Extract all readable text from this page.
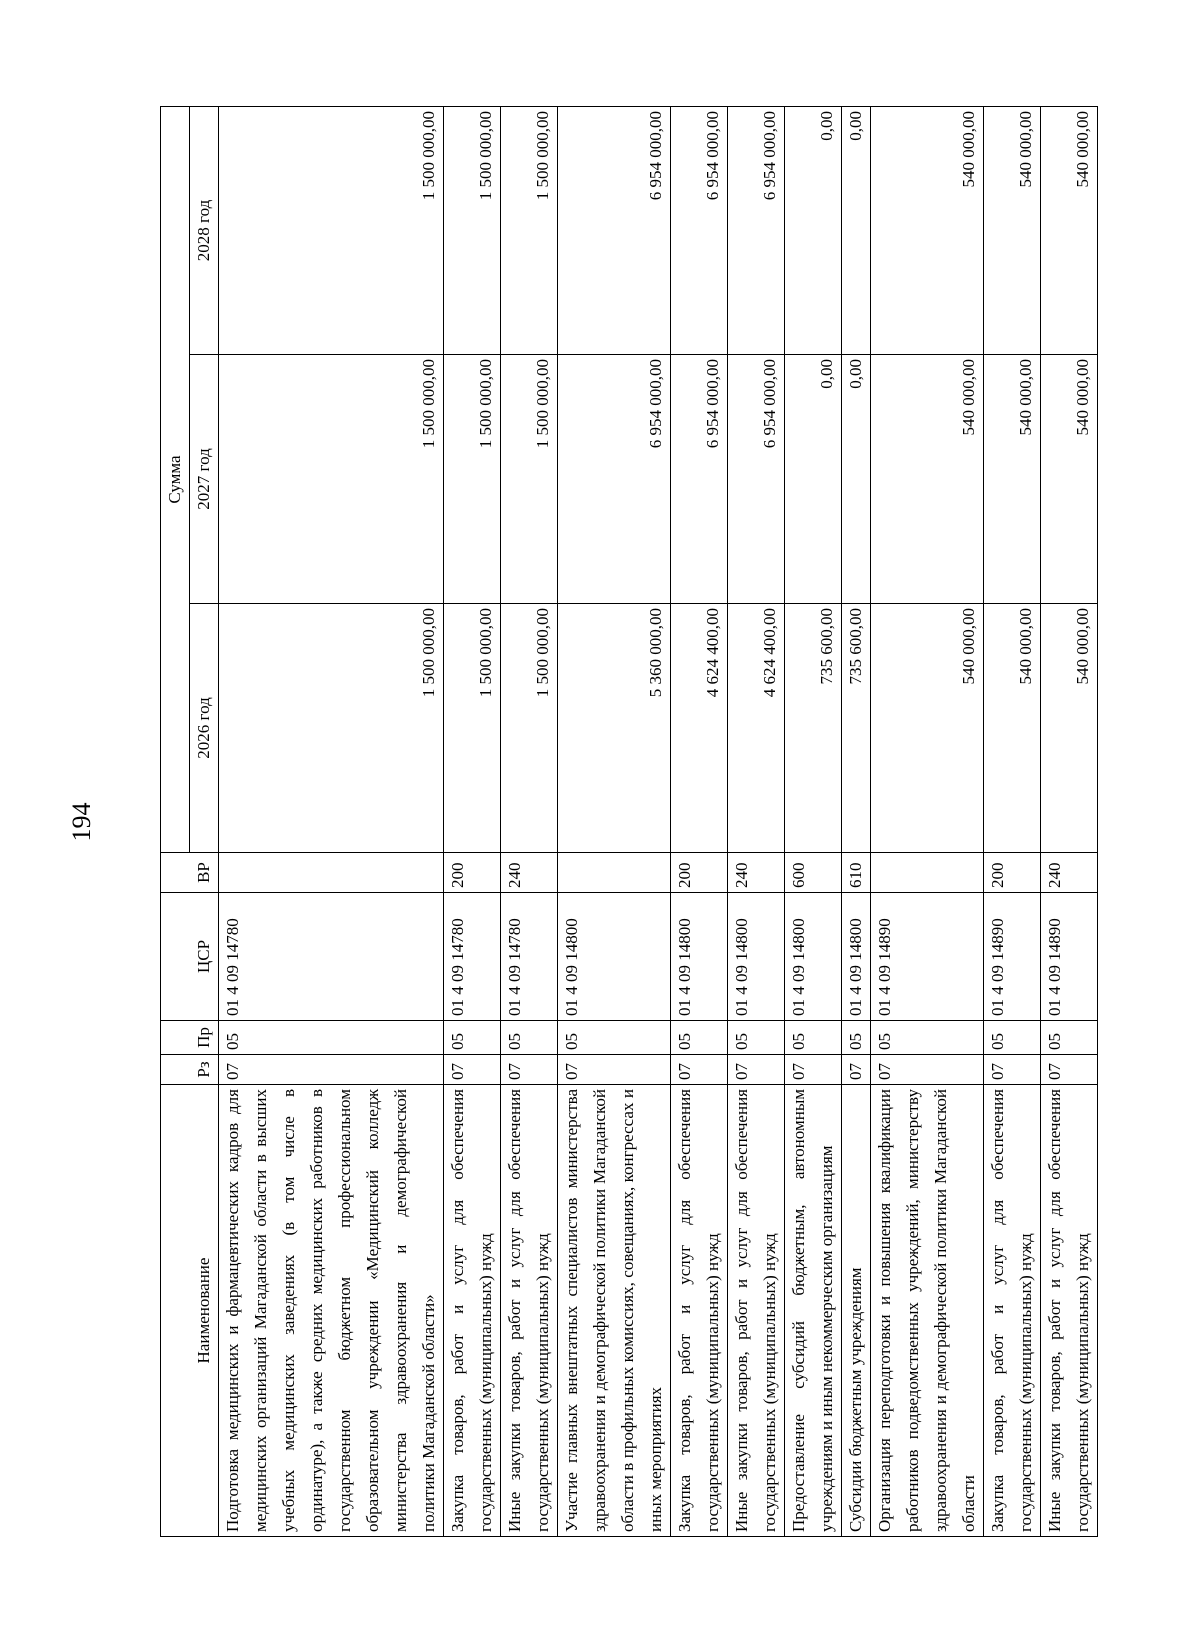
194
Наименование	Рз	Пр	ЦСР	ВР	Сумма		
					2026 год	2027 год	2028 год
Подготовка медицинских и фармацевтических кадров для медицинских организаций Магаданской области в высших учебных медицинских заведениях (в том числе в ординатуре), а также средних медицинских работников в государственном бюджетном профессиональном образовательном учреждении «Медицинский колледж министерства здравоохранения и демографической политики Магаданской области»	07	05	01 4 09 14780		1 500 000,00	1 500 000,00	1 500 000,00
Закупка товаров, работ и услуг для обеспечения государственных (муниципальных) нужд	07	05	01 4 09 14780	200	1 500 000,00	1 500 000,00	1 500 000,00
Иные закупки товаров, работ и услуг для обеспечения государственных (муниципальных) нужд	07	05	01 4 09 14780	240	1 500 000,00	1 500 000,00	1 500 000,00
Участие главных внештатных специалистов министерства здравоохранения и демографической политики Магаданской области в профильных комиссиях, совещаниях, конгрессах и иных мероприятиях	07	05	01 4 09 14800		5 360 000,00	6 954 000,00	6 954 000,00
Закупка товаров, работ и услуг для обеспечения государственных (муниципальных) нужд	07	05	01 4 09 14800	200	4 624 400,00	6 954 000,00	6 954 000,00
Иные закупки товаров, работ и услуг для обеспечения государственных (муниципальных) нужд	07	05	01 4 09 14800	240	4 624 400,00	6 954 000,00	6 954 000,00
Предоставление субсидий бюджетным, автономным учреждениям и иным некоммерческим организациям	07	05	01 4 09 14800	600	735 600,00	0,00	0,00
Субсидии бюджетным учреждениям	07	05	01 4 09 14800	610	735 600,00	0,00	0,00
Организация переподготовки и повышения квалификации работников подведомственных учреждений, министерству здравоохранения и демографической политики Магаданской области	07	05	01 4 09 14890		540 000,00	540 000,00	540 000,00
Закупка товаров, работ и услуг для обеспечения государственных (муниципальных) нужд	07	05	01 4 09 14890	200	540 000,00	540 000,00	540 000,00
Иные закупки товаров, работ и услуг для обеспечения государственных (муниципальных) нужд	07	05	01 4 09 14890	240	540 000,00	540 000,00	540 000,00
